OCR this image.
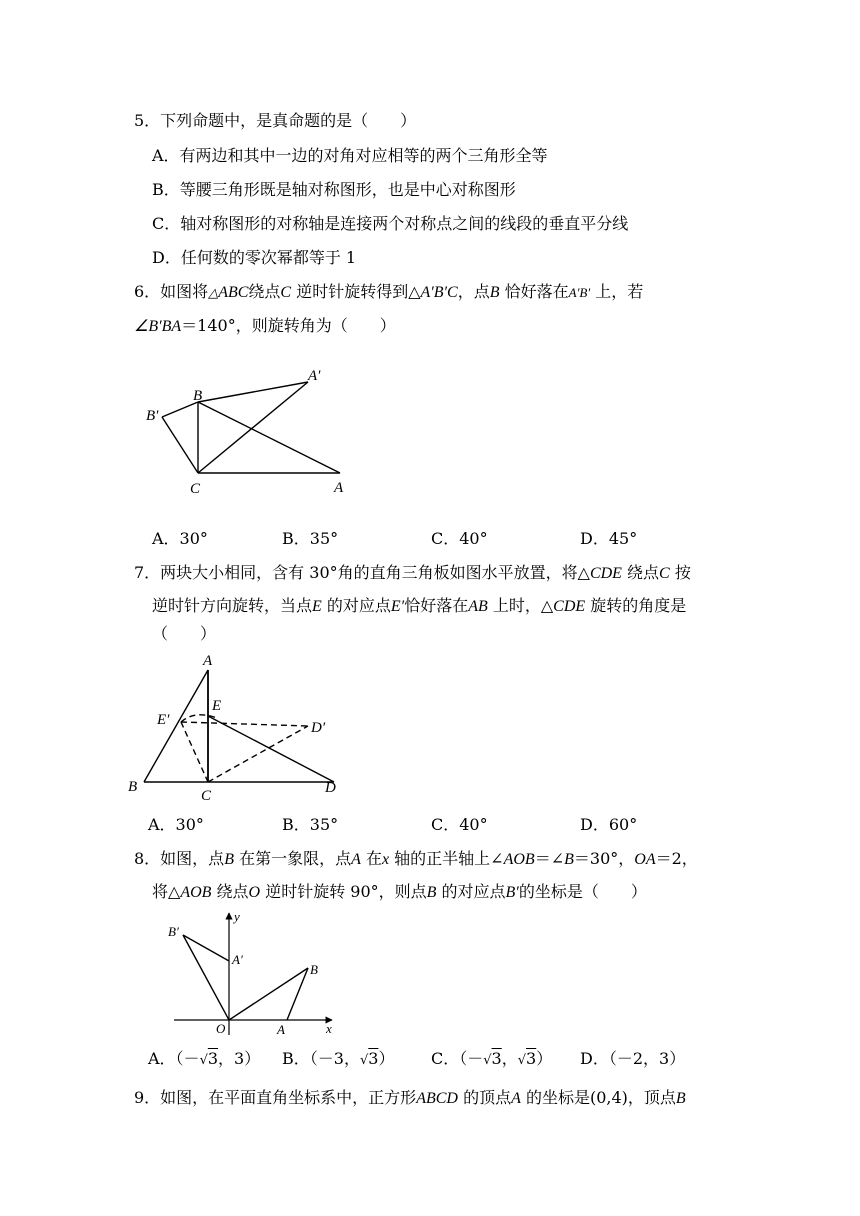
5．下列命题中，是真命题的是（　　）
A．有两边和其中一边的对角对应相等的两个三角形全等
B．等腰三角形既是轴对称图形，也是中心对称图形
C．轴对称图形的对称轴是连接两个对称点之间的线段的垂直平分线
D．任何数的零次幂都等于 1
6．如图将△ABC绕点C 逆时针旋转得到△A′B′C，点B 恰好落在A′B′ 上，若
∠B′BA＝140°，则旋转角为（　　）
B
B′
A′
C	A
A．30°	B．35°	C．40°	D．45°
7．两块大小相同，含有 30°角的直角三角板如图水平放置，将△CDE 绕点C 按
逆时针方向旋转，当点E 的对应点E′恰好落在AB 上时，△CDE 旋转的角度是
（　　）
A
E
E′	D′
B
C	D
A．30°	B．35°	C．40°	D．60°
8．如图，点B 在第一象限，点A 在x 轴的正半轴上∠AOB＝∠B＝30°，OA＝2，
将△AOB 绕点O 逆时针旋转 90°，则点B 的对应点B′的坐标是（　　）
B′
A′
B
O	A	x
y
A．（－√3，3） B．（－3，√3） C．（－√3，√3） D．（－2，3）
9．如图，在平面直角坐标系中，正方形ABCD 的顶点A 的坐标是(0,4)，顶点B
